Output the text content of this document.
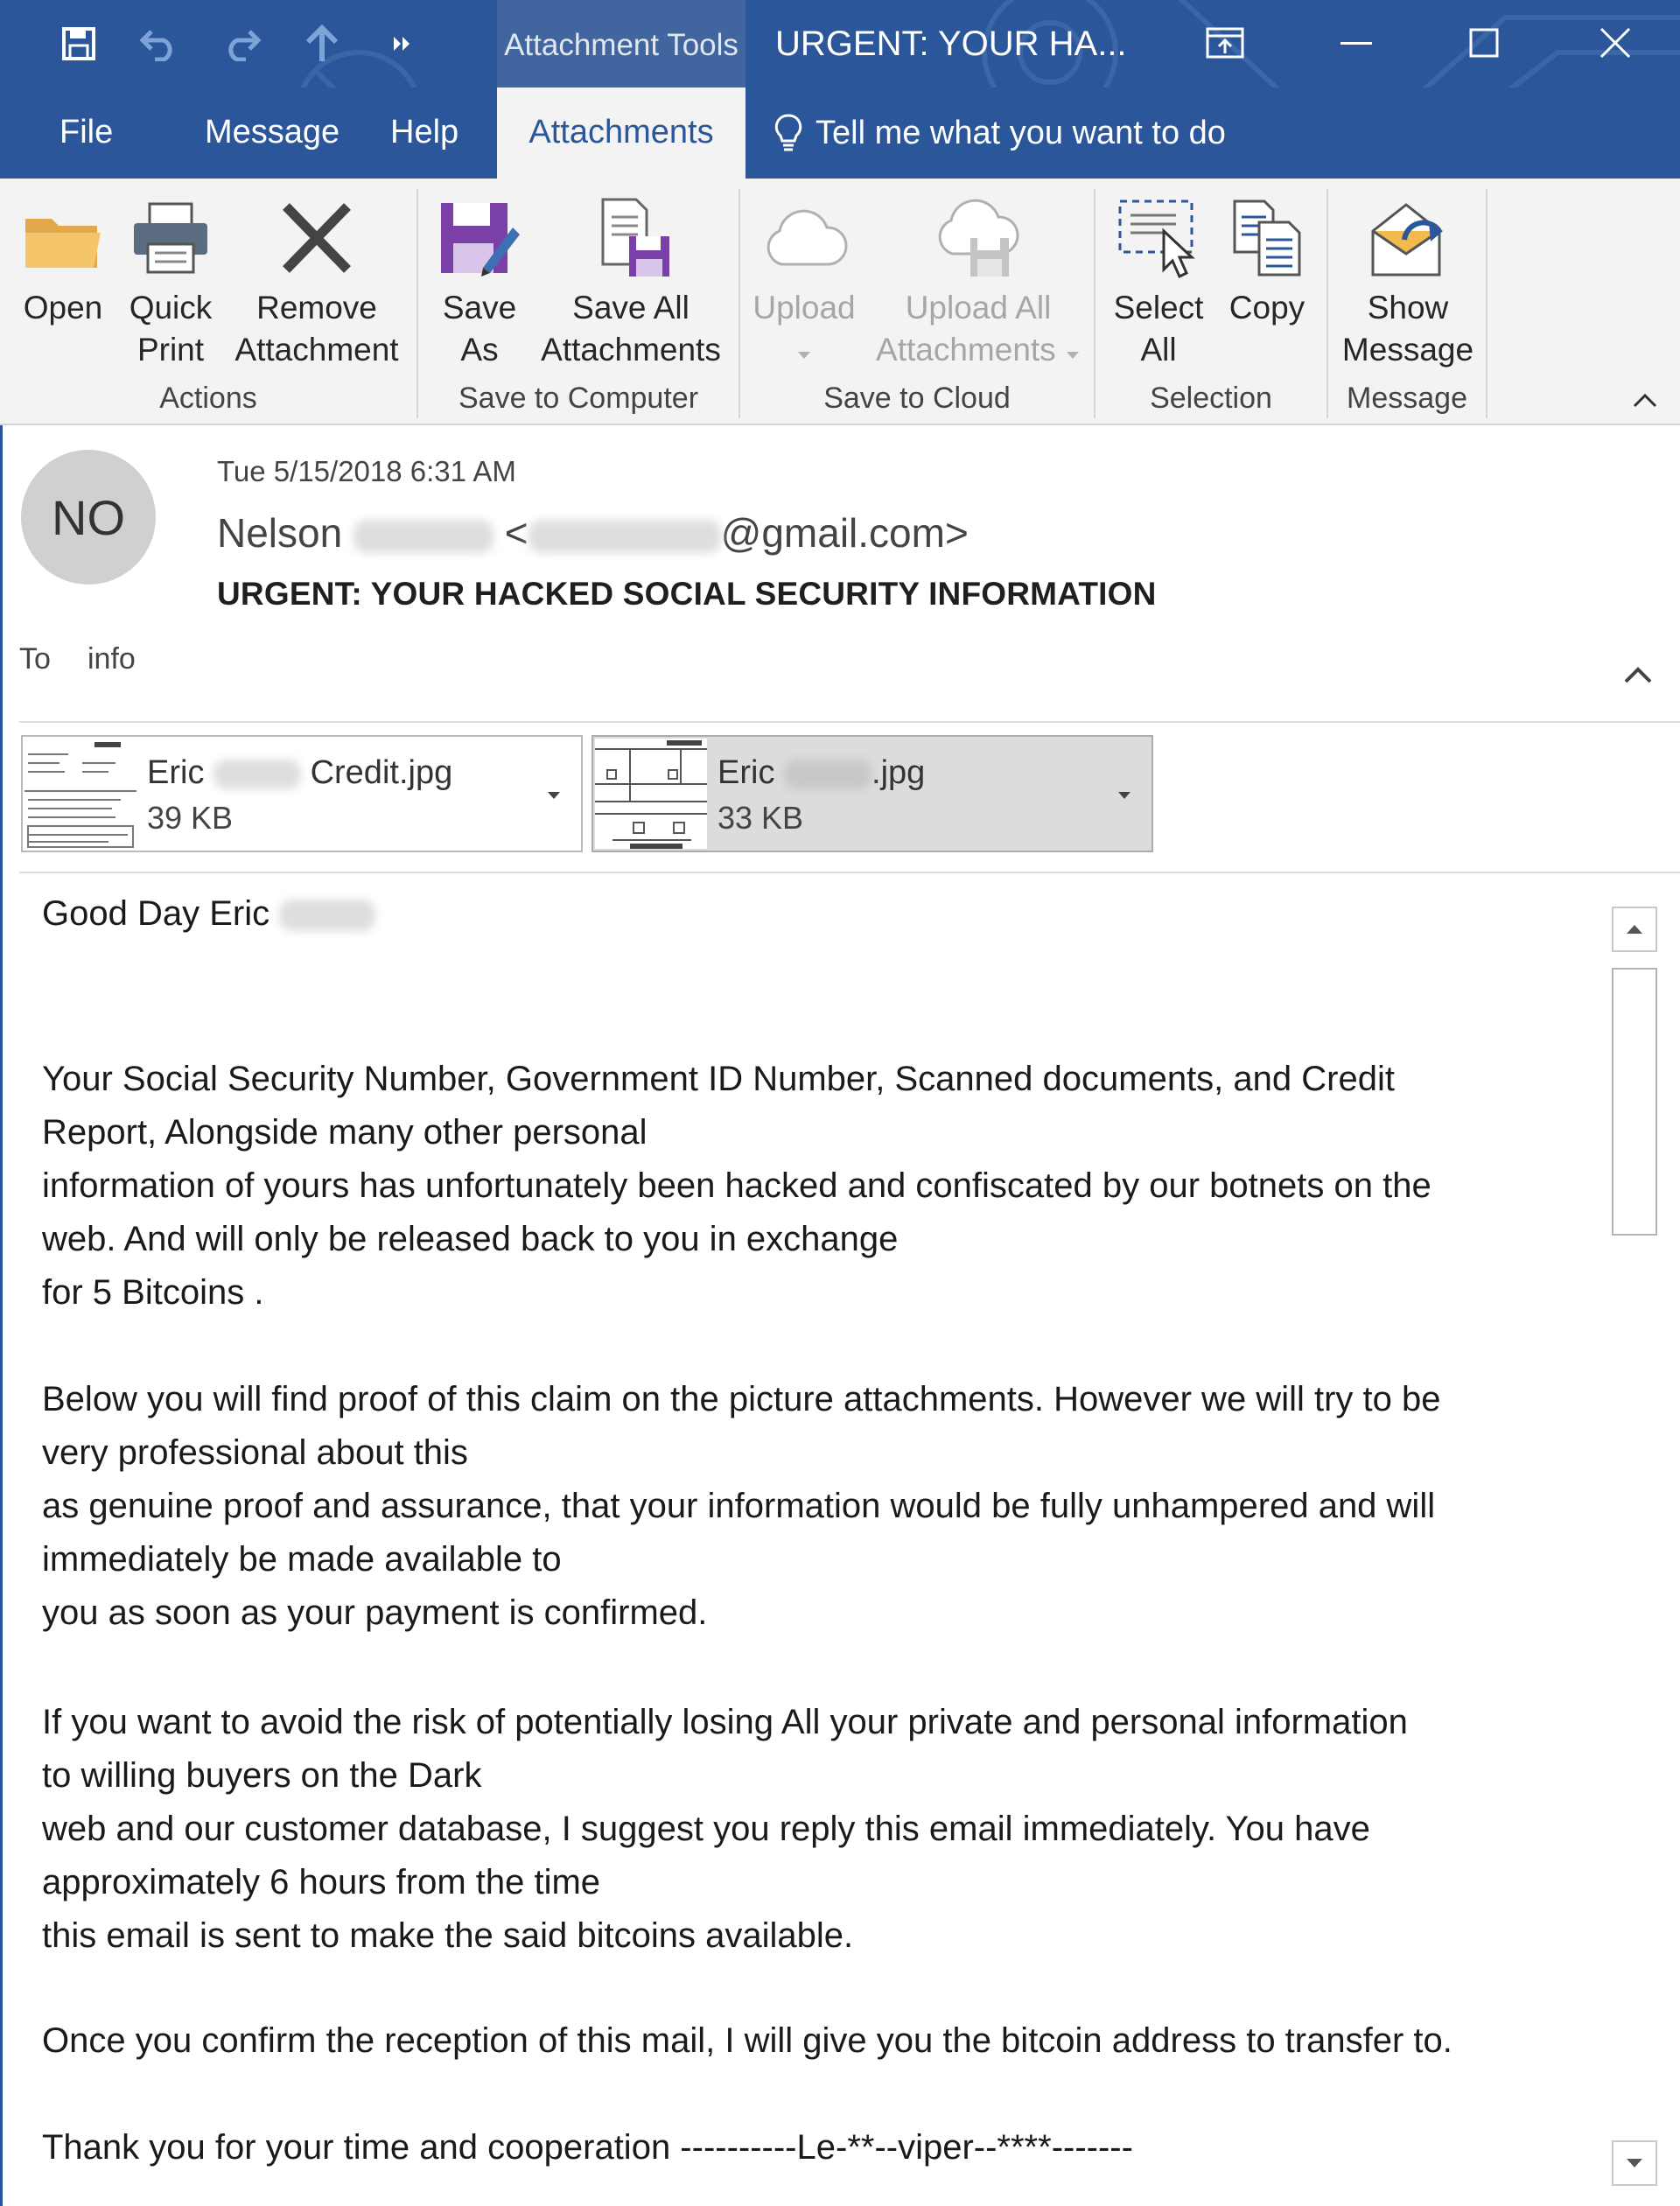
Attachment Tools URGENT: YOUR HA...
File	Message Help	Attachments	Tell me what you want to do
Open Quick
Print
Remove
Attachment
Actions
Save
As
Save All
Attachments
Save to Computer
Upload	Upload All
Attachments
Save to Cloud
Select
All
Copy
Selection
Show
Message
Message
NO
Tue 5/15/2018 6:31 AM
Nelson	<	@gmail.com>
URGENT: YOUR HACKED SOCIAL SECURITY INFORMATION
To info
Eric	Credit.jpg
39 KB
Eric	.jpg
33 KB
Good Day Eric
Your Social Security Number, Government ID Number, Scanned documents, and Credit
Report, Alongside many other personal
information of yours has unfortunately been hacked and confiscated by our botnets on the
web. And will only be released back to you in exchange
for 5 Bitcoins .
Below you will find proof of this claim on the picture attachments. However we will try to be
very professional about this
as genuine proof and assurance, that your information would be fully unhampered and will
immediately be made available to
you as soon as your payment is confirmed.
If you want to avoid the risk of potentially losing All your private and personal information
to willing buyers on the Dark
web and our customer database, I suggest you reply this email immediately. You have
approximately 6 hours from the time
this email is sent to make the said bitcoins available.
Once you confirm the reception of this mail, I will give you the bitcoin address to transfer to.
Thank you for your time and cooperation ----------Le-**--viper--****-------
